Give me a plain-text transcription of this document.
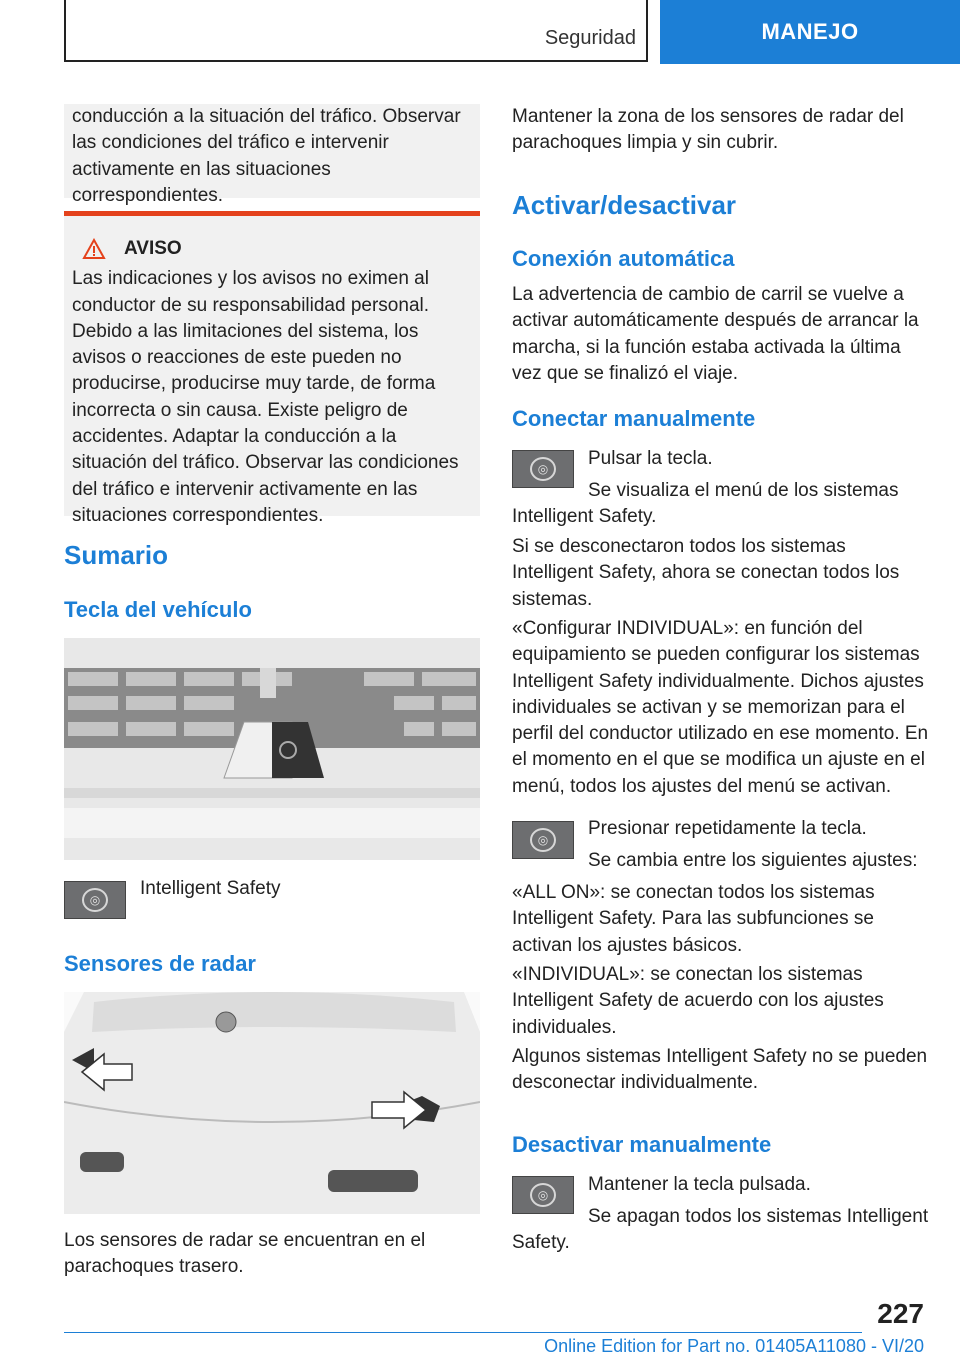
Seguridad	MANEJO

conducción a la situación del tráfico. Observar las condiciones del tráfico e intervenir activamente en las situaciones correspondientes.

AVISO

Las indicaciones y los avisos no eximen al conductor de su responsabilidad personal. Debido a las limitaciones del sistema, los avisos o reacciones de este pueden no producirse, producirse muy tarde, de forma incorrecta o sin causa. Existe peligro de accidentes. Adaptar la conducción a la situación del tráfico. Observar las condiciones del tráfico e intervenir activamente en las situaciones correspondientes.

Sumario
Tecla del vehículo
◎
Intelligent Safety
Sensores de radar
Los sensores de radar se encuentran en el parachoques trasero.
Mantener la zona de los sensores de radar del parachoques limpia y sin cubrir.
Activar/desactivar
Conexión automática
La advertencia de cambio de carril se vuelve a activar automáticamente después de arrancar la marcha, si la función estaba activada la última vez que se finalizó el viaje.
Conectar manualmente
◎	Pulsar la tecla.
Se visualiza el menú de los sistemas Intelligent Safety.
Si se desconectaron todos los sistemas Intelligent Safety, ahora se conectan todos los sistemas.
«Configurar INDIVIDUAL»: en función del equipamiento se pueden configurar los sistemas Intelligent Safety individualmente. Dichos ajustes individuales se activan y se memorizan para el perfil del conductor utilizado en ese momento. En el momento en el que se modifica un ajuste en el menú, todos los ajustes del menú se activan.
◎
Presionar repetidamente la tecla.
Se cambia entre los siguientes ajustes:
«ALL ON»: se conectan todos los sistemas Intelligent Safety. Para las subfunciones se activan los ajustes básicos.
«INDIVIDUAL»: se conectan los sistemas Intelligent Safety de acuerdo con los ajustes individuales.
Algunos sistemas Intelligent Safety no se pueden desconectar individualmente.
Desactivar manualmente
◎	Mantener la tecla pulsada.
Se apagan todos los sistemas Intelligent Safety.
227
Online Edition for Part no. 01405A11080 - VI/20
